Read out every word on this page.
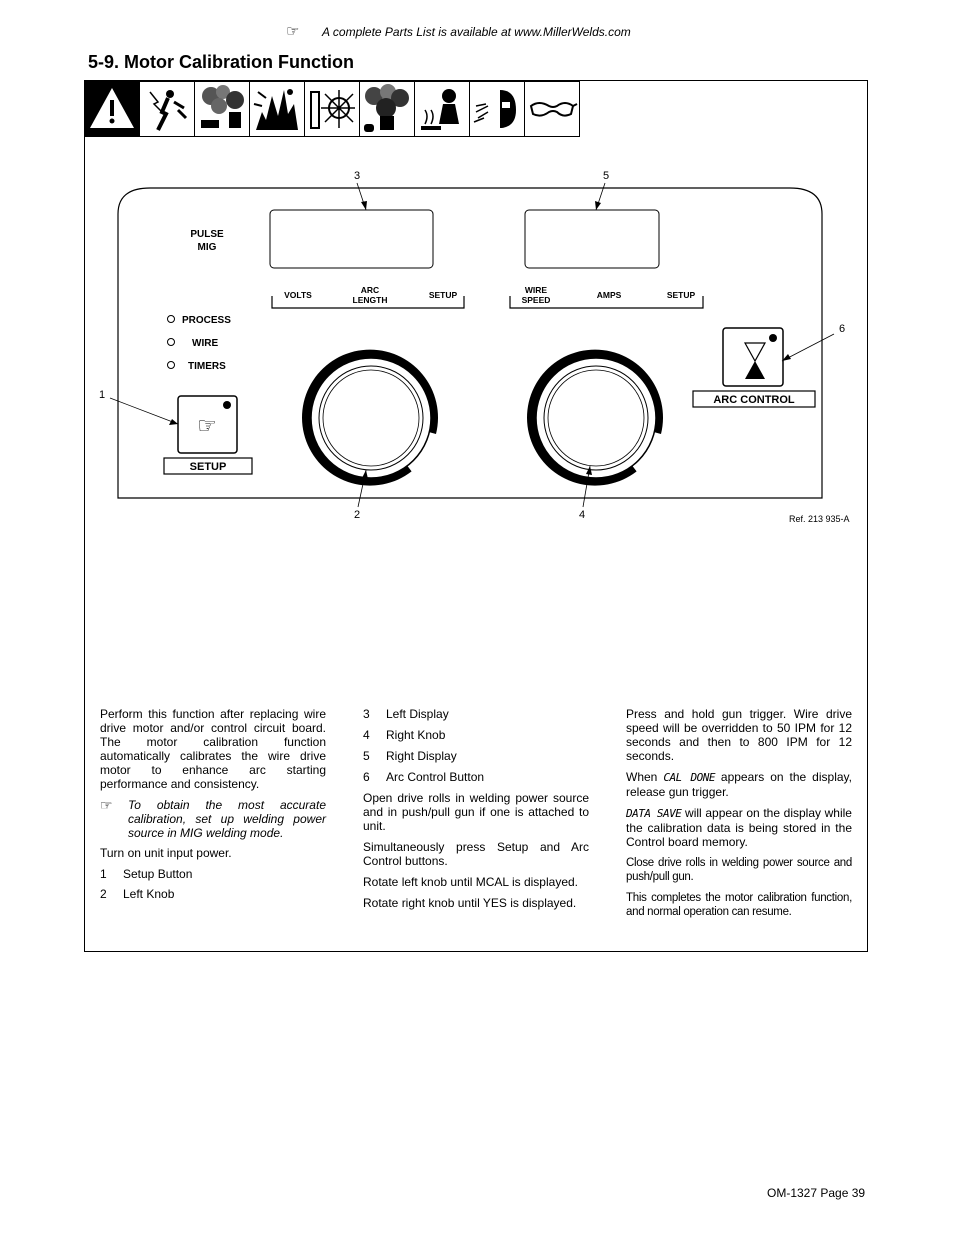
☞ A complete Parts List is available at www.MillerWelds.com
5-9. Motor Calibration Function
PULSE
MIG
VOLTS	ARC LENGTH	SETUP	WIRE SPEED	AMPS	SETUP
PROCESS
WIRE
TIMERS
☞
SETUP
ARC CONTROL
1
2
3
4
5
6
Ref. 213 935-A

Perform this function after replacing wire drive motor and/or control circuit board. The motor calibration function automatically calibrates the wire drive motor to enhance arc starting performance and consistency.

☞	To obtain the most accurate calibration, set up welding power source in MIG welding mode.

Turn on unit input power.

1	Setup Button
2	Left Knob
3	Left Display
4	Right Knob
5	Right Display
6	Arc Control Button

Open drive rolls in welding power source and in push/pull gun if one is attached to unit.

Simultaneously press Setup and Arc Control buttons.

Rotate left knob until MCAL is displayed.

Rotate right knob until YES is displayed.

Press and hold gun trigger. Wire drive speed will be overridden to 50 IPM for 12 seconds and then to 800 IPM for 12 seconds.

When CAL DONE appears on the display, release gun trigger.

DATA SAVE will appear on the display while the calibration data is being stored in the Control board memory.

Close drive rolls in welding power source and push/pull gun.

This completes the motor calibration function, and normal operation can resume.

OM-1327 Page 39
